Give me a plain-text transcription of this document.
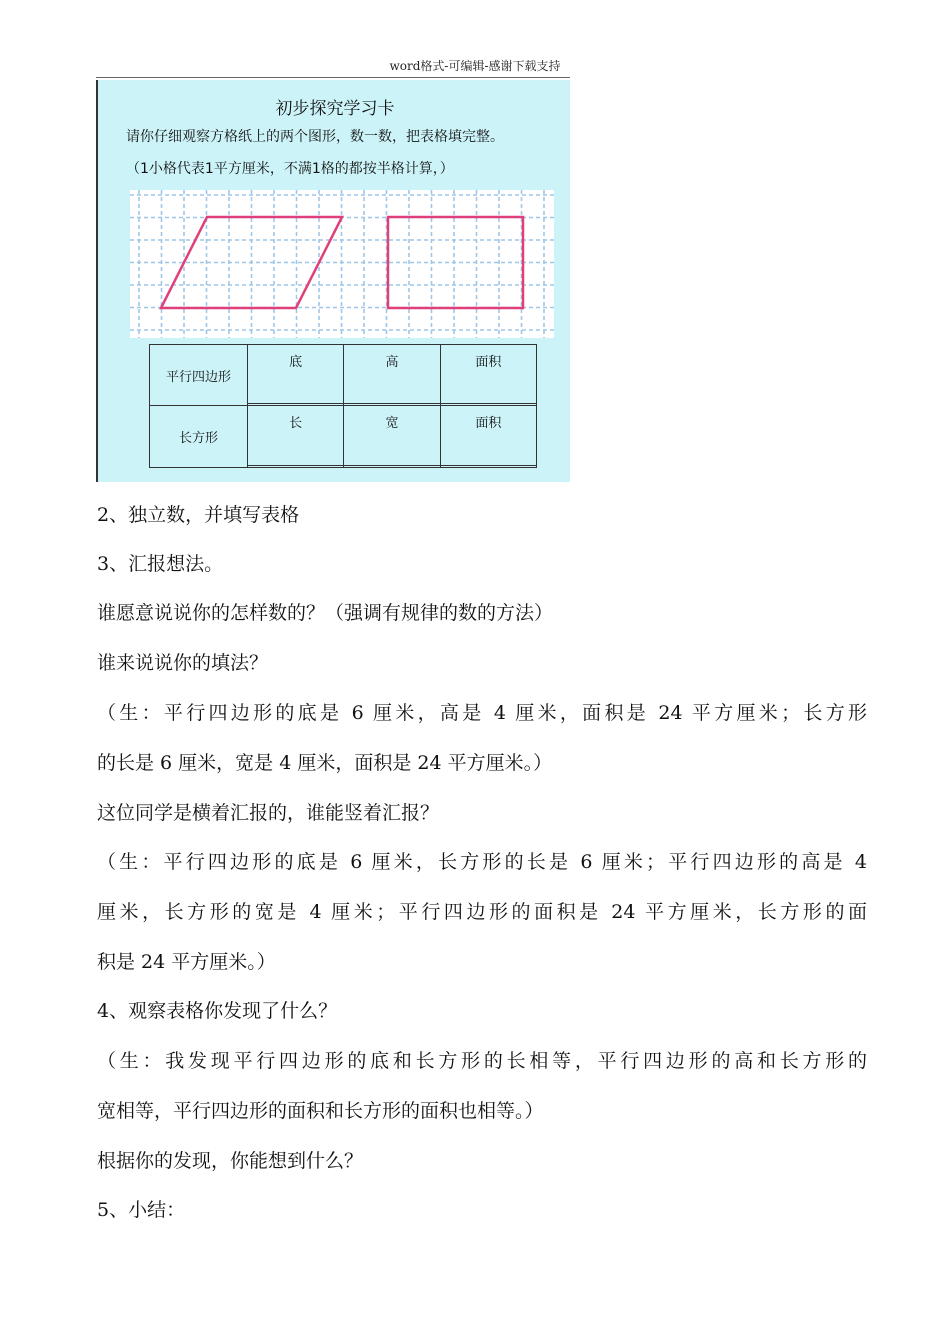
word格式-可编辑-感谢下载支持
初步探究学习卡
请你仔细观察方格纸上的两个图形，数一数，把表格填完整。
（1小格代表1平方厘米，不满1格的都按半格计算，）
平行四边形	底	高	面积

长方形	长	宽	面积

2、独立数，并填写表格
3、汇报想法。
谁愿意说说你的怎样数的？（强调有规律的数的方法）
谁来说说你的填法？
（生：平行四边形的底是 6 厘米，高是 4 厘米，面积是 24 平方厘米；长方形
的长是 6 厘米，宽是 4 厘米，面积是 24 平方厘米。）
这位同学是横着汇报的，谁能竖着汇报？
（生：平行四边形的底是 6 厘米，长方形的长是 6 厘米；平行四边形的高是 4
厘米，长方形的宽是 4 厘米；平行四边形的面积是 24 平方厘米，长方形的面
积是 24 平方厘米。）
4、观察表格你发现了什么？
（生：我发现平行四边形的底和长方形的长相等，平行四边形的高和长方形的
宽相等，平行四边形的面积和长方形的面积也相等。）
根据你的发现，你能想到什么？
5、小结：
